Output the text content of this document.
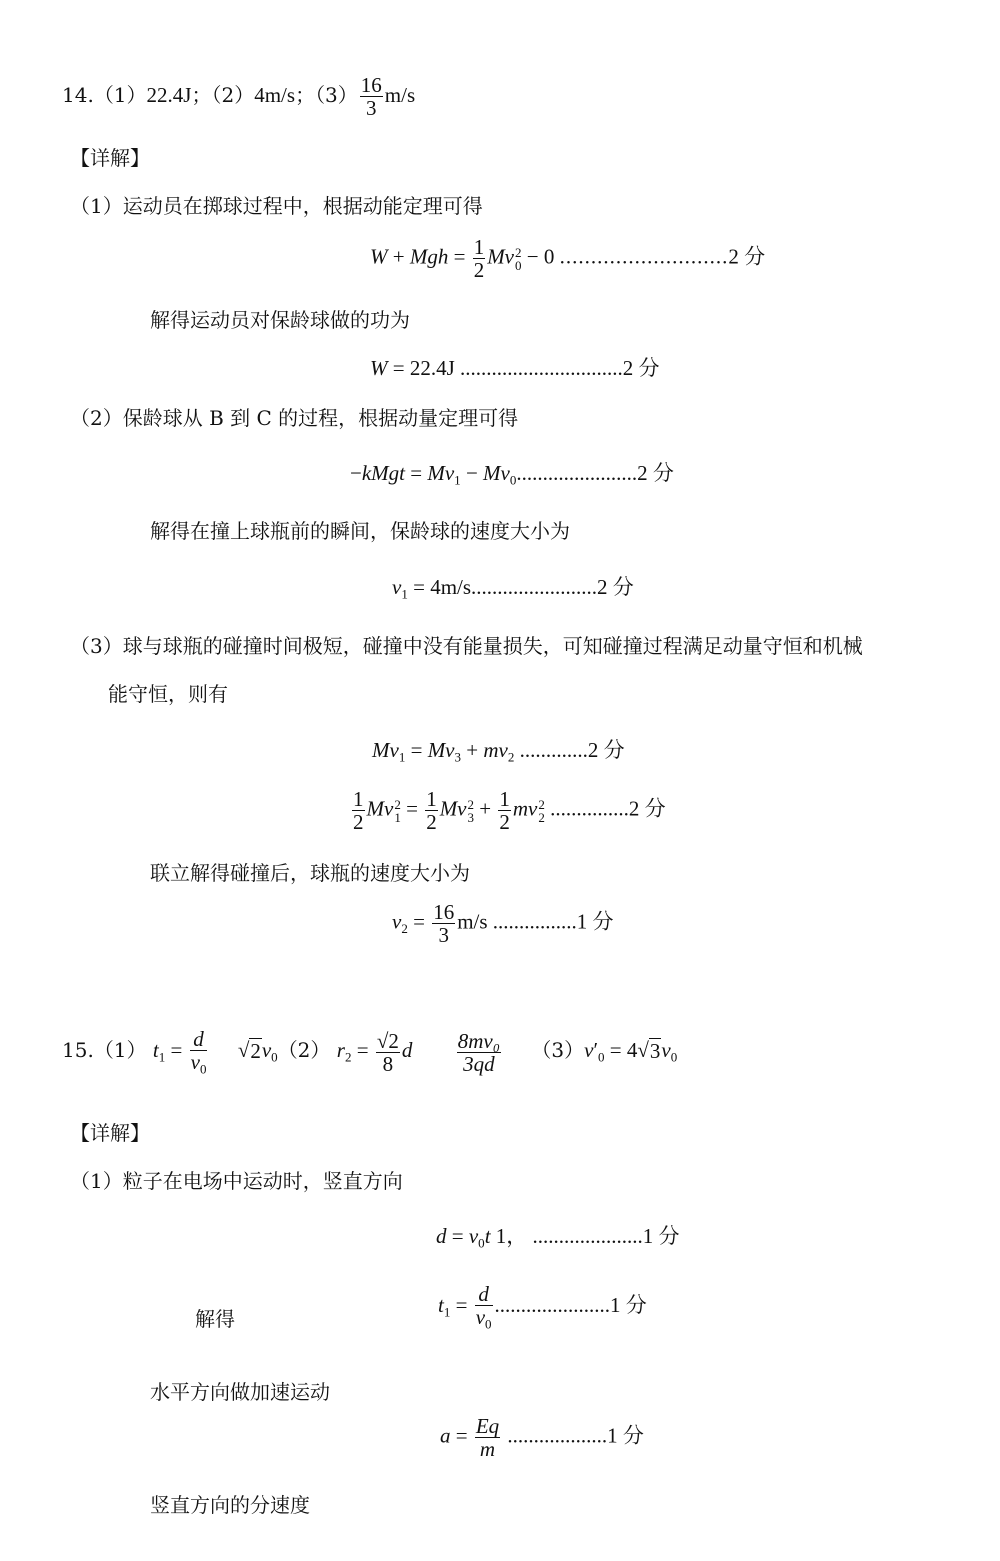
14.（1）22.4J；（2）4m/s；$(3) \frac{16}{3} m/s$
【详解】
（1）运动员在掷球过程中，根据动能定理可得
W + Mgh = $\frac{1}{2}$ Mv 2
0 − 0 ...........................2 分
解得运动员对保龄球做的功为
W = 22.4J ...............................2 分
（2）保龄球从 B 到 C 的过程，根据动量定理可得
−kMgt = $Mv_1 - Mv_0.......................2$ 分
解得在撞上球瓶前的瞬间，保龄球的速度大小为
$v_1 = 4m/s........................2$ 分
（3）球与球瓶的碰撞时间极短，碰撞中没有能量损失，可知碰撞过程满足动量守恒和机械
能守恒，则有
$Mv_1 = Mv_3 + mv_2$ .............2 分
$\frac{1}{2}$ Mv 2
$1 = \frac{1}{2}$ Mv 2
$3 + \frac{1}{2}$ mv 2
2 ...............2 分
联立解得碰撞后，球瓶的速度大小为
$v_2 = \frac{16}{3} m/s$ ................1 分
15.（1） $t_1 = \frac{d}{v_0}$
√ 2 $v_0(2) r_2 = \frac{√2}{8}$ d $\frac{\text{8mv₀}}{3qd} (3)v'_0 = 4$ √ 3 $v_0$
【详解】
（1）粒子在电场中运动时，竖直方向
$d = v_0t$ 1， .....................1 分
解得
$t_1 = \frac{d}{v_0} ......................1$ 分
水平方向做加速运动
$a = \frac{Eq}{m} ...................1$ 分
竖直方向的分速度
